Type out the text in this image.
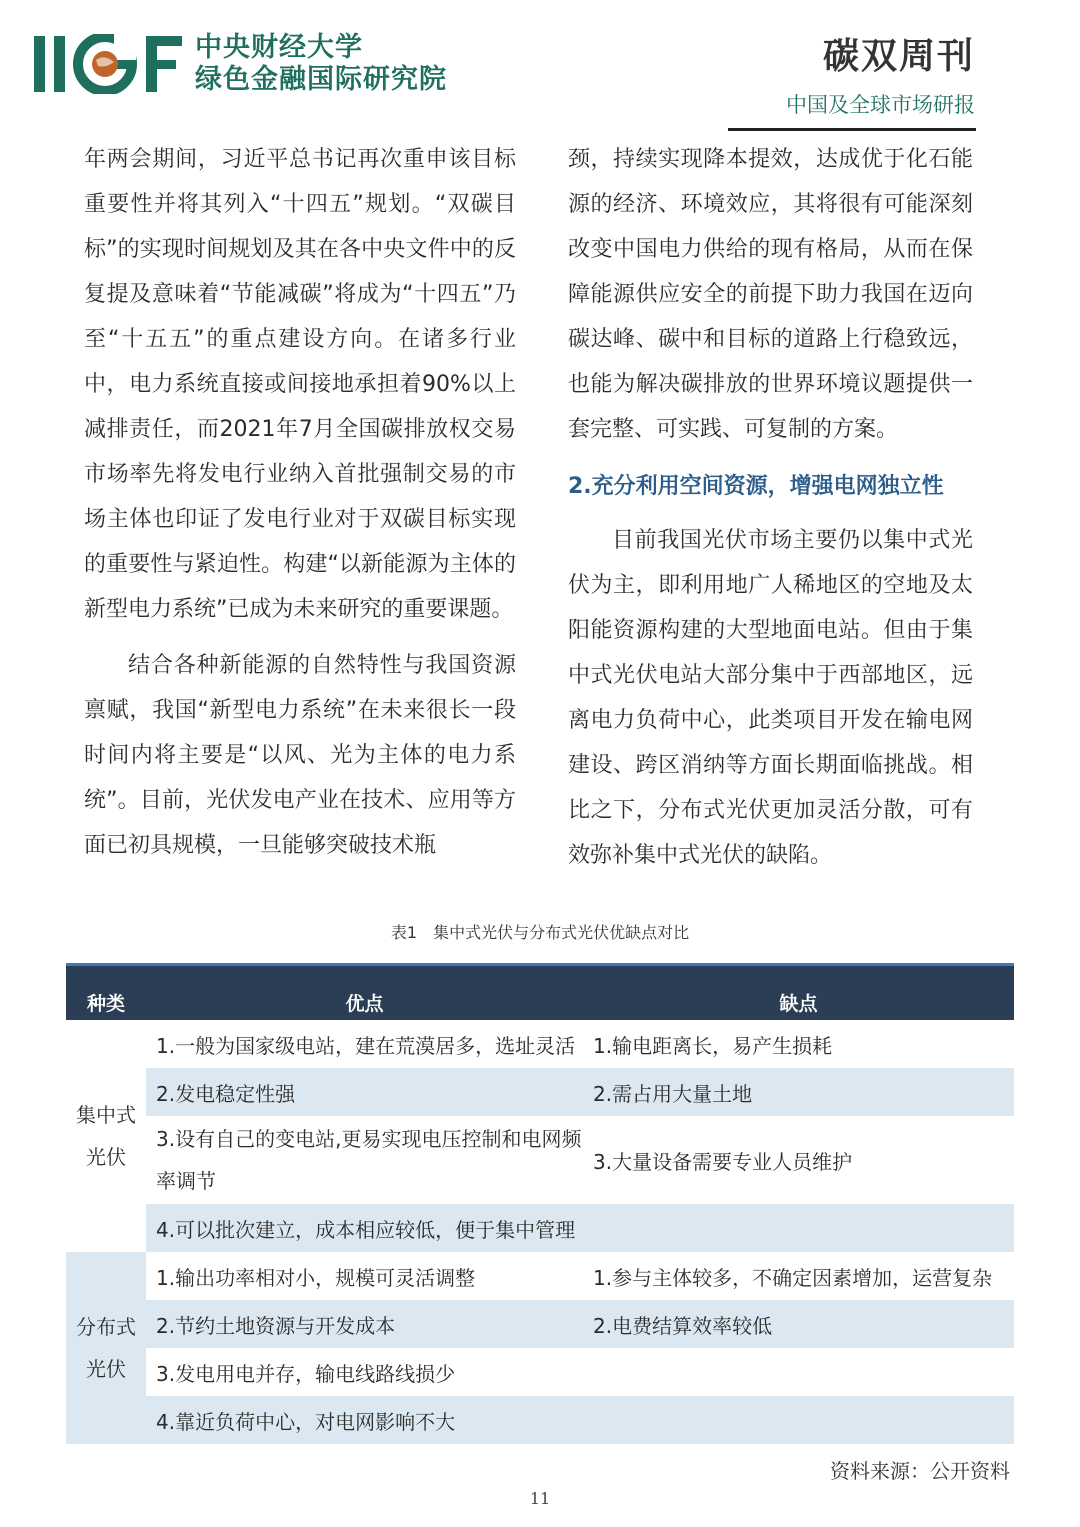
中央财经大学
绿色金融国际研究院
碳双周刊
中国及全球市场研报

年两会期间，习近平总书记再次重申该目标重要性并将其列入“十四五”规划。“双碳目标”的实现时间规划及其在各中央文件中的反复提及意味着“节能减碳”将成为“十四五”乃至“十五五”的重点建设方向。在诸多行业中，电力系统直接或间接地承担着90%以上减排责任，而2021年7月全国碳排放权交易市场率先将发电行业纳入首批强制交易的市场主体也印证了发电行业对于双碳目标实现的重要性与紧迫性。构建“以新能源为主体的新型电力系统”已成为未来研究的重要课题。

结合各种新能源的自然特性与我国资源禀赋，我国“新型电力系统”在未来很长一段时间内将主要是“以风、光为主体的电力系统”。目前，光伏发电产业在技术、应用等方面已初具规模，一旦能够突破技术瓶

颈，持续实现降本提效，达成优于化石能源的经济、环境效应，其将很有可能深刻改变中国电力供给的现有格局，从而在保障能源供应安全的前提下助力我国在迈向碳达峰、碳中和目标的道路上行稳致远，也能为解决碳排放的世界环境议题提供一套完整、可实践、可复制的方案。

2.充分利用空间资源，增强电网独立性

目前我国光伏市场主要仍以集中式光伏为主，即利用地广人稀地区的空地及太阳能资源构建的大型地面电站。但由于集中式光伏电站大部分集中于西部地区，远离电力负荷中心，此类项目开发在输电网建设、跨区消纳等方面长期面临挑战。相比之下，分布式光伏更加灵活分散，可有效弥补集中式光伏的缺陷。

表1　集中式光伏与分布式光伏优缺点对比
种类	优点	缺点
集中式
光伏	1.一般为国家级电站，建在荒漠居多，选址灵活	1.输电距离长，易产生损耗
	2.发电稳定性强	2.需占用大量土地
	3.设有自己的变电站,更易实现电压控制和电网频率调节	3.大量设备需要专业人员维护
	4.可以批次建立，成本相应较低，便于集中管理	
分布式
光伏	1.输出功率相对小，规模可灵活调整	1.参与主体较多，不确定因素增加，运营复杂
	2.节约土地资源与开发成本	2.电费结算效率较低
	3.发电用电并存，输电线路线损少	
	4.靠近负荷中心，对电网影响不大	
资料来源：公开资料
11
